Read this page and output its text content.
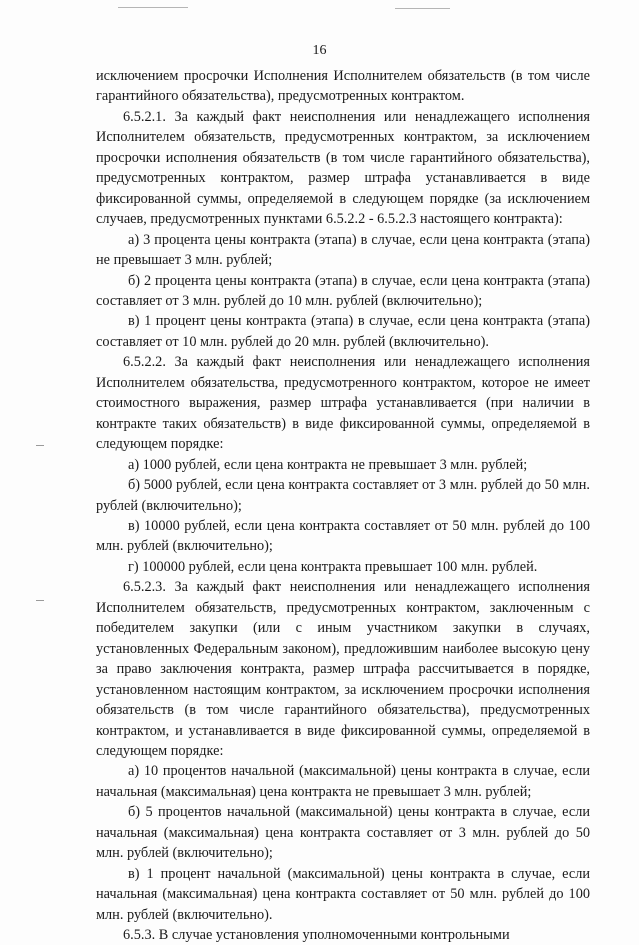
16

исключением просрочки Исполнения Исполнителем обязательств (в том числе гарантийного обязательства), предусмотренных контрактом.

6.5.2.1. За каждый факт неисполнения или ненадлежащего исполнения Исполнителем обязательств, предусмотренных контрактом, за исключением просрочки исполнения обязательств (в том числе гарантийного обязательства), предусмотренных контрактом, размер штрафа устанавливается в виде фиксированной суммы, определяемой в следующем порядке (за исключением случаев, предусмотренных пунктами 6.5.2.2 - 6.5.2.3 настоящего контракта):

а) 3 процента цены контракта (этапа) в случае, если цена контракта (этапа) не превышает 3 млн. рублей;

б) 2 процента цены контракта (этапа) в случае, если цена контракта (этапа) составляет от 3 млн. рублей до 10 млн. рублей (включительно);

в) 1 процент цены контракта (этапа) в случае, если цена контракта (этапа) составляет от 10 млн. рублей до 20 млн. рублей (включительно).

6.5.2.2. За каждый факт неисполнения или ненадлежащего исполнения Исполнителем обязательства, предусмотренного контрактом, которое не имеет стоимостного выражения, размер штрафа устанавливается (при наличии в контракте таких обязательств) в виде фиксированной суммы, определяемой в следующем порядке:

а) 1000 рублей, если цена контракта не превышает 3 млн. рублей;

б) 5000 рублей, если цена контракта составляет от 3 млн. рублей до 50 млн. рублей (включительно);

в) 10000 рублей, если цена контракта составляет от 50 млн. рублей до 100 млн. рублей (включительно);

г) 100000 рублей, если цена контракта превышает 100 млн. рублей.

6.5.2.3. За каждый факт неисполнения или ненадлежащего исполнения Исполнителем обязательств, предусмотренных контрактом, заключенным с победителем закупки (или с иным участником закупки в случаях, установленных Федеральным законом), предложившим наиболее высокую цену за право заключения контракта, размер штрафа рассчитывается в порядке, установленном настоящим контрактом, за исключением просрочки исполнения обязательств (в том числе гарантийного обязательства), предусмотренных контрактом, и устанавливается в виде фиксированной суммы, определяемой в следующем порядке:

а) 10 процентов начальной (максимальной) цены контракта в случае, если начальная (максимальная) цена контракта не превышает 3 млн. рублей;

б) 5 процентов начальной (максимальной) цены контракта в случае, если начальная (максимальная) цена контракта составляет от 3 млн. рублей до 50 млн. рублей (включительно);

в) 1 процент начальной (максимальной) цены контракта в случае, если начальная (максимальная) цена контракта составляет от 50 млн. рублей до 100 млн. рублей (включительно).

6.5.3. В случае установления уполномоченными контрольными
